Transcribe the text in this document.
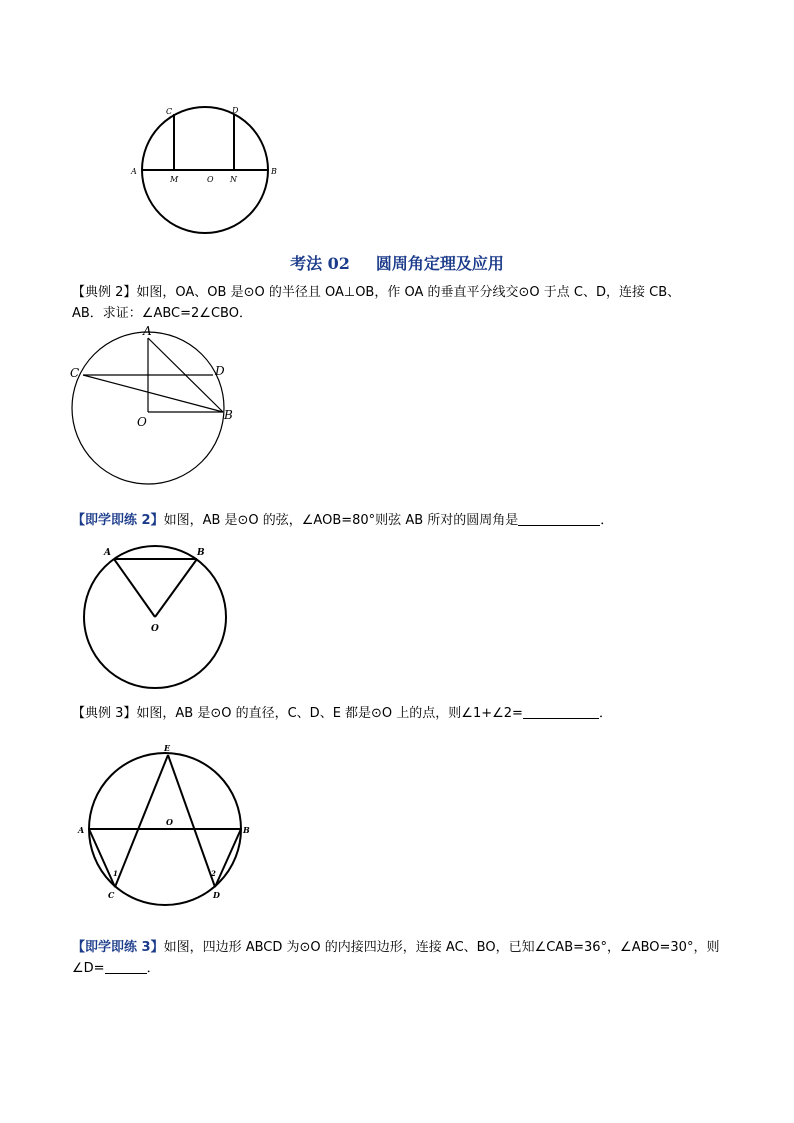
A	B
C	D
M	O N
考法 02 圆周角定理及应用
【典例 2】如图，OA、OB 是⊙O 的半径且 OA⊥OB，作 OA 的垂直平分线交⊙O 于点 C、D，连接 CB、
AB．求证：∠ABC=2∠CBO．
A
C	D
O	B
【即学即练 2】如图，AB 是⊙O 的弦，∠AOB=80°则弦 AB 所对的圆周角是	．
A	B
O
【典例 3】如图，AB 是⊙O 的直径，C、D、E 都是⊙O 上的点，则∠1+∠2=	．
E
A
O
B
1	2
C	D
【即学即练 3】如图，四边形 ABCD 为⊙O 的内接四边形，连接 AC、BO，已知∠CAB=36°，∠ABO=30°，则
∠D=	．
